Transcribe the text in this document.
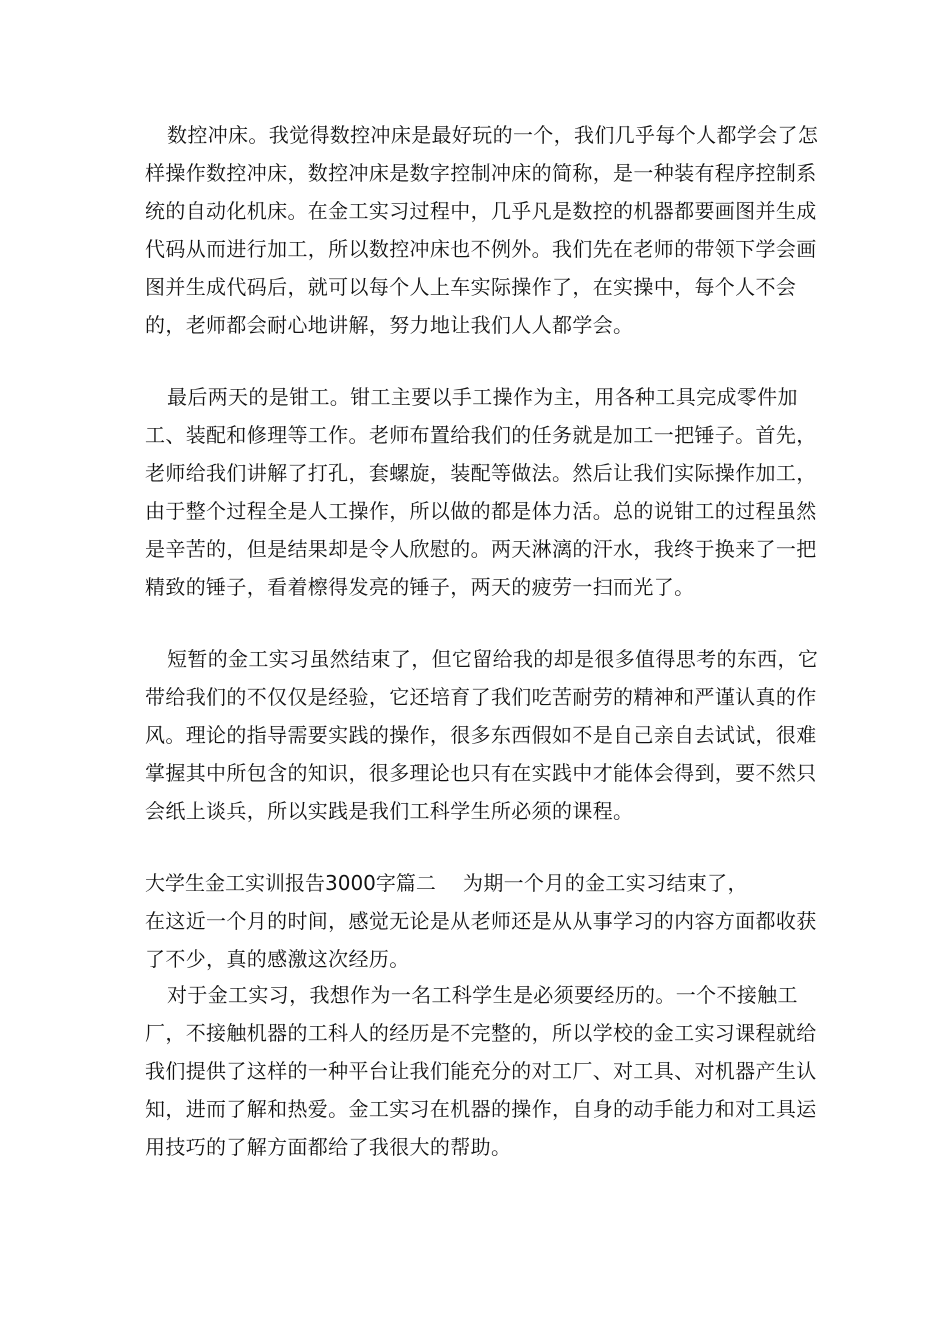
数控冲床。我觉得数控冲床是最好玩的一个，我们几乎每个人都学会了怎样操作数控冲床，数控冲床是数字控制冲床的简称，是一种装有程序控制系统的自动化机床。在金工实习过程中，几乎凡是数控的机器都要画图并生成代码从而进行加工，所以数控冲床也不例外。我们先在老师的带领下学会画图并生成代码后，就可以每个人上车实际操作了，在实操中，每个人不会的，老师都会耐心地讲解，努力地让我们人人都学会。

最后两天的是钳工。钳工主要以手工操作为主，用各种工具完成零件加工、装配和修理等工作。老师布置给我们的任务就是加工一把锤子。首先，老师给我们讲解了打孔，套螺旋，装配等做法。然后让我们实际操作加工，由于整个过程全是人工操作，所以做的都是体力活。总的说钳工的过程虽然是辛苦的，但是结果却是令人欣慰的。两天淋漓的汗水，我终于换来了一把精致的锤子，看着檫得发亮的锤子，两天的疲劳一扫而光了。

短暂的金工实习虽然结束了，但它留给我的却是很多值得思考的东西，它带给我们的不仅仅是经验，它还培育了我们吃苦耐劳的精神和严谨认真的作风。理论的指导需要实践的操作，很多东西假如不是自己亲自去试试，很难掌握其中所包含的知识，很多理论也只有在实践中才能体会得到，要不然只会纸上谈兵，所以实践是我们工科学生所必须的课程。

大学生金工实训报告3000字篇二　 为期一个月的金工实习结束了，

在这近一个月的时间，感觉无论是从老师还是从从事学习的内容方面都收获了不少，真的感激这次经历。

对于金工实习，我想作为一名工科学生是必须要经历的。一个不接触工厂，不接触机器的工科人的经历是不完整的，所以学校的金工实习课程就给我们提供了这样的一种平台让我们能充分的对工厂、对工具、对机器产生认知，进而了解和热爱。金工实习在机器的操作，自身的动手能力和对工具运用技巧的了解方面都给了我很大的帮助。
